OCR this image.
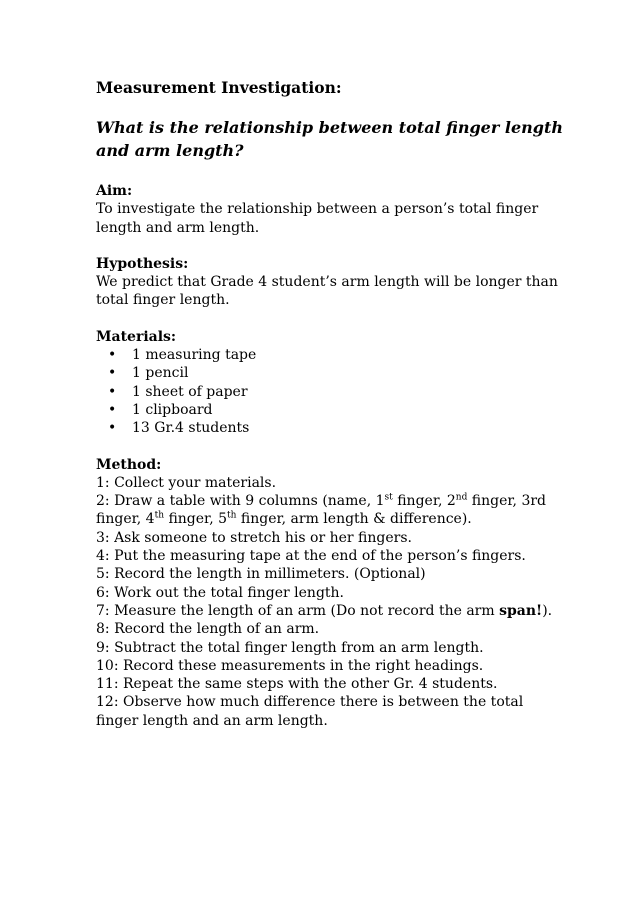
Measurement Investigation:

What is the relationship between total finger length and arm length?

Aim:

To investigate the relationship between a person’s total finger length and arm length.

Hypothesis:

We predict that Grade 4 student’s arm length will be longer than total finger length.

Materials:

• 1 measuring tape
• 1 pencil
• 1 sheet of paper
• 1 clipboard
• 13 Gr.4 students

Method:

1: Collect your materials.

2: Draw a table with 9 columns (name, 1st finger, 2nd finger, 3rd finger, 4th finger, 5th finger, arm length & difference).

3: Ask someone to stretch his or her fingers.

4: Put the measuring tape at the end of the person’s fingers.

5: Record the length in millimeters. (Optional)

6: Work out the total finger length.

7: Measure the length of an arm (Do not record the arm span!).

8: Record the length of an arm.

9: Subtract the total finger length from an arm length.

10: Record these measurements in the right headings.

11: Repeat the same steps with the other Gr. 4 students.

12: Observe how much difference there is between the total finger length and an arm length.
